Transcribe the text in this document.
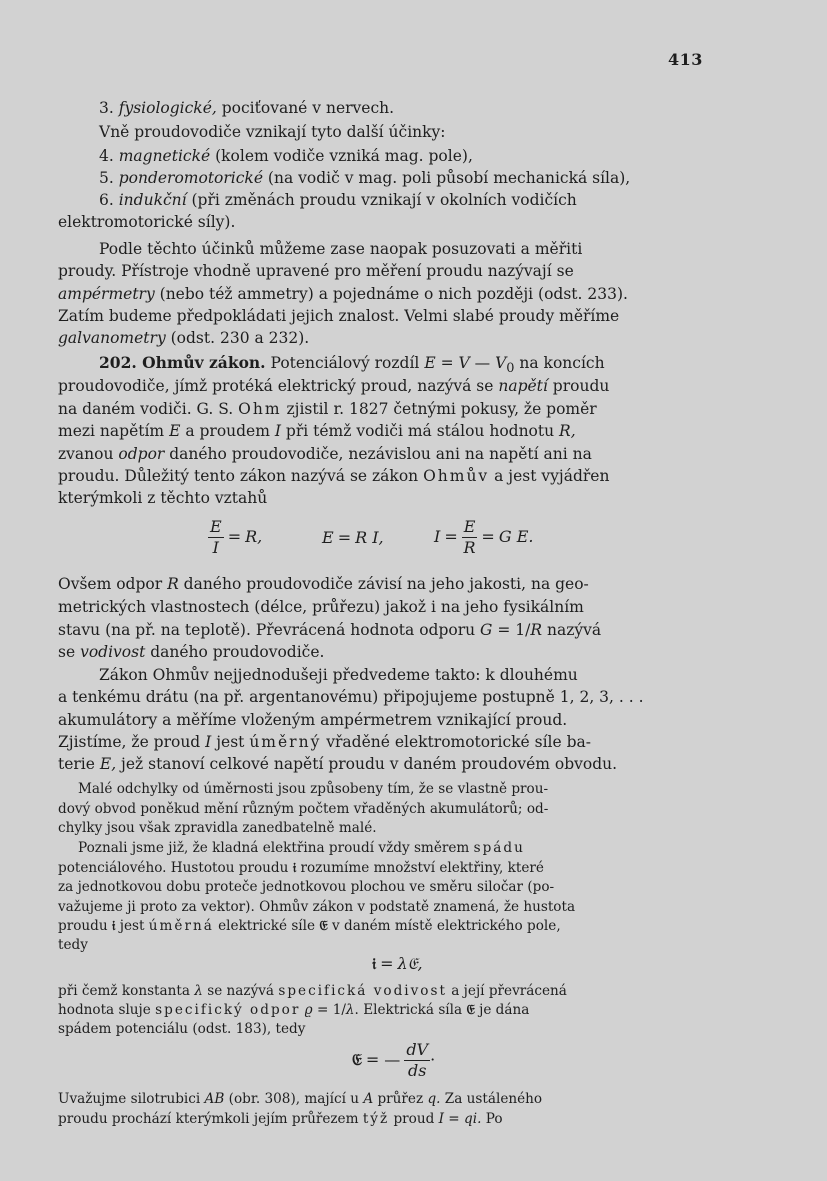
413
3. fysiologické, pociťované v nervech.
Vně proudovodiče vznikají tyto další účinky:
4. magnetické (kolem vodiče vzniká mag. pole),
5. ponderomotorické (na vodič v mag. poli působí mechanická síla),
6. indukční (při změnách proudu vznikají v okolních vodičích
elektromotorické síly).
Podle těchto účinků můžeme zase naopak posuzovati a měřiti
proudy. Přístroje vhodně upravené pro měření proudu nazývají se
ampérmetry (nebo též ammetry) a pojednáme o nich později (odst. 233).
Zatím budeme předpokládati jejich znalost. Velmi slabé proudy měříme
galvanometry (odst. 230 a 232).
202. Ohmův zákon. Potenciálový rozdíl E = V — $V_0$ na koncích
proudovodiče, jímž protéká elektrický proud, nazývá se napětí proudu
na daném vodiči. G. S. Ohm zjistil r. 1827 četnými pokusy, že poměr
mezi napětím E a proudem I při témž vodiči má stálou hodnotu R,
zvanou odpor daného proudovodiče, nezávislou ani na napětí ani na
proudu. Důležitý tento zákon nazývá se zákon Ohmův a jest vyjádřen
kterýmkoli z těchto vztahů
$\frac{E}{I} = R$,	E = R I,	$I = \frac{E}{R} = G$ E.
Ovšem odpor R daného proudovodiče závisí na jeho jakosti, na geo-
metrických vlastnostech (délce, průřezu) jakož i na jeho fysikálním
stavu (na př. na teplotě). Převrácená hodnota odporu G = 1/R nazývá
se vodivost daného proudovodiče.
Zákon Ohmův nejjednodušeji předvedeme takto: k dlouhému
a tenkému drátu (na př. argentanovému) připojujeme postupně 1, 2, 3, . . .
akumulátory a měříme vloženým ampérmetrem vznikající proud.
Zjistíme, že proud I jest úměrný vřaděné elektromotorické síle ba-
terie E, jež stanoví celkové napětí proudu v daném proudovém obvodu.
Malé odchylky od úměrnosti jsou způsobeny tím, že se vlastně prou-
dový obvod poněkud mění různým počtem vřaděných akumulátorů; od-
chylky jsou však zpravidla zanedbatelně malé.
Poznali jsme již, že kladná elektřina proudí vždy směrem spádu
potenciálového. Hustotou proudu 𝔦 rozumíme množství elektřiny, které
za jednotkovou dobu proteče jednotkovou plochou ve směru siločar (po-
važujeme ji proto za vektor). Ohmův zákon v podstatě znamená, že hustota
proudu 𝔦 jest úměrná elektrické síle 𝔈 v daném místě elektrického pole,
tedy
𝔦 = λ𝔈,
při čemž konstanta λ se nazývá specifická vodivost a její převrácená
hodnota sluje specifický odpor ϱ = 1/λ. Elektrická síla 𝔈 je dána
spádem potenciálu (odst. 183), tedy
𝔈 = — $\frac{dV}{ds}$ ·
Uvažujme silotrubici AB (obr. 308), mající u A průřez q. Za ustáleného
proudu prochází kterýmkoli jejím průřezem týž proud I = qi. Po
